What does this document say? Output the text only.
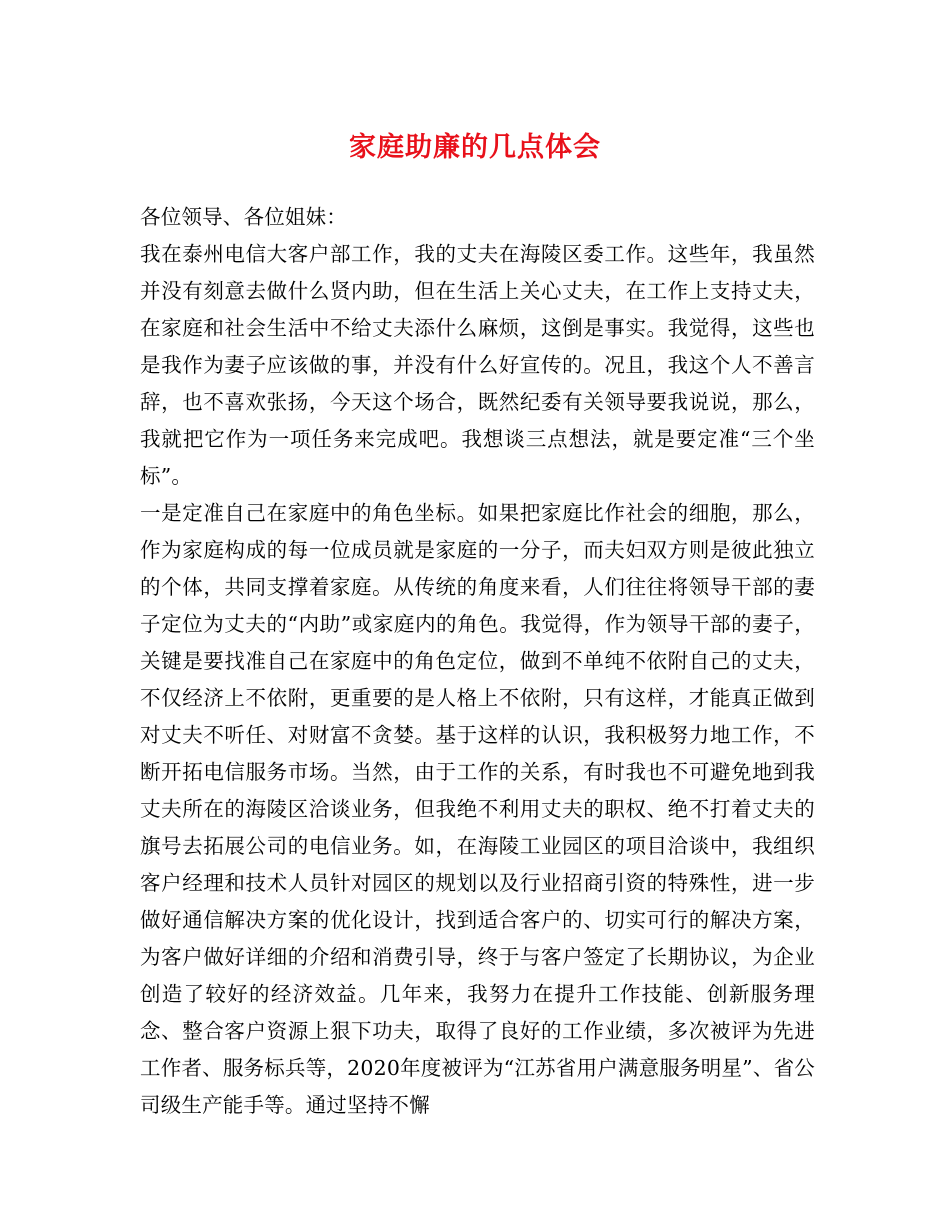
家庭助廉的几点体会

各位领导、各位姐妹：

我在泰州电信大客户部工作，我的丈夫在海陵区委工作。这些年，我虽然并没有刻意去做什么贤内助，但在生活上关心丈夫，在工作上支持丈夫，在家庭和社会生活中不给丈夫添什么麻烦，这倒是事实。我觉得，这些也是我作为妻子应该做的事，并没有什么好宣传的。况且，我这个人不善言辞，也不喜欢张扬，今天这个场合，既然纪委有关领导要我说说，那么，我就把它作为一项任务来完成吧。我想谈三点想法，就是要定准“三个坐标”。

一是定准自己在家庭中的角色坐标。如果把家庭比作社会的细胞，那么，作为家庭构成的每一位成员就是家庭的一分子，而夫妇双方则是彼此独立的个体，共同支撑着家庭。从传统的角度来看，人们往往将领导干部的妻子定位为丈夫的“内助”或家庭内的角色。我觉得，作为领导干部的妻子，关键是要找准自己在家庭中的角色定位，做到不单纯不依附自己的丈夫，不仅经济上不依附，更重要的是人格上不依附，只有这样，才能真正做到对丈夫不听任、对财富不贪婪。基于这样的认识，我积极努力地工作，不断开拓电信服务市场。当然，由于工作的关系，有时我也不可避免地到我丈夫所在的海陵区洽谈业务，但我绝不利用丈夫的职权、绝不打着丈夫的旗号去拓展公司的电信业务。如，在海陵工业园区的项目洽谈中，我组织客户经理和技术人员针对园区的规划以及行业招商引资的特殊性，进一步做好通信解决方案的优化设计，找到适合客户的、切实可行的解决方案，为客户做好详细的介绍和消费引导，终于与客户签定了长期协议，为企业创造了较好的经济效益。几年来，我努力在提升工作技能、创新服务理念、整合客户资源上狠下功夫，取得了良好的工作业绩，多次被评为先进工作者、服务标兵等，2020年度被评为“江苏省用户满意服务明星”、省公司级生产能手等。通过坚持不懈
